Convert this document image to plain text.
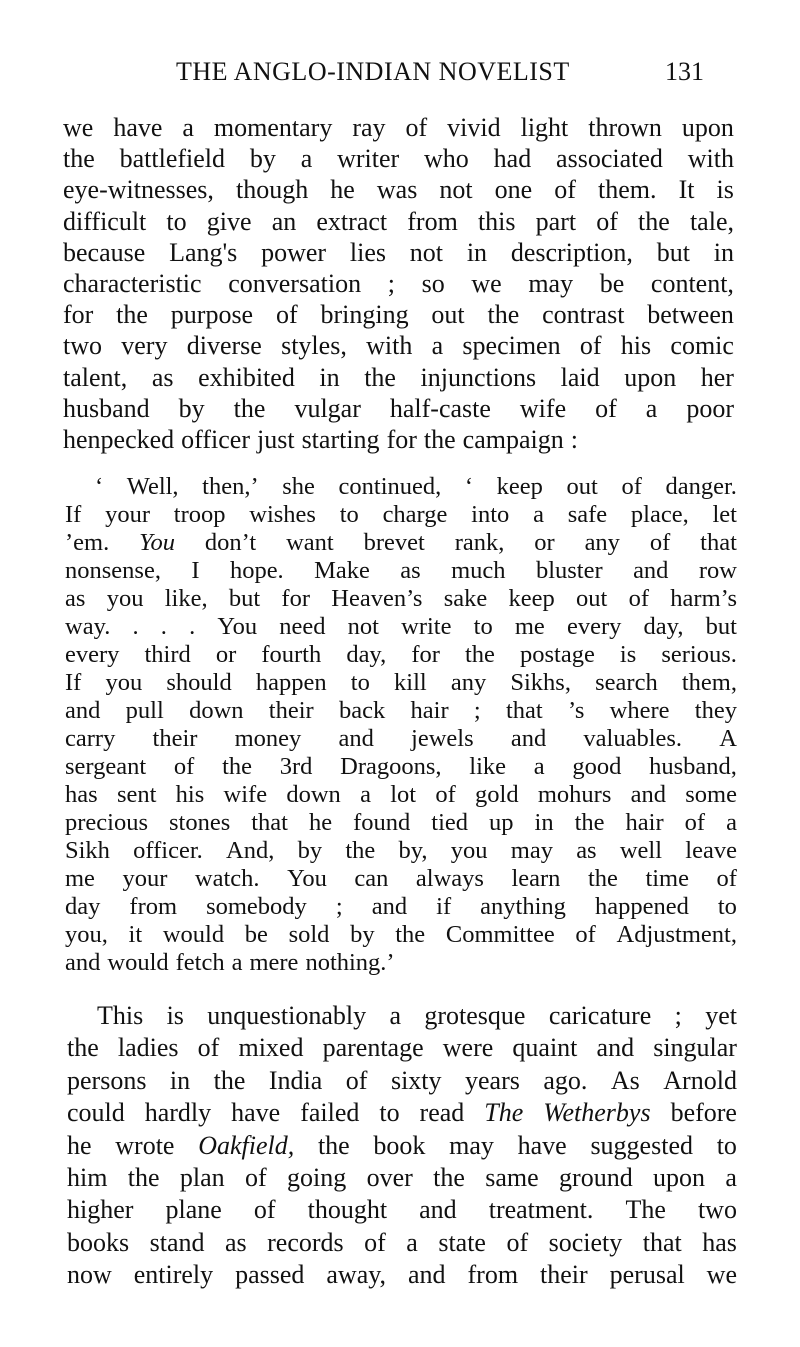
THE ANGLO-INDIAN NOVELIST	131
we have a momentary ray of vivid light thrown upon
the battlefield by a writer who had associated with
eye-witnesses, though he was not one of them. It is
difficult to give an extract from this part of the tale,
because Lang's power lies not in description, but in
characteristic conversation ; so we may be content,
for the purpose of bringing out the contrast between
two very diverse styles, with a specimen of his comic
talent, as exhibited in the injunctions laid upon her
husband by the vulgar half-caste wife of a poor
henpecked officer just starting for the campaign :
‘ Well, then,’ she continued, ‘ keep out of danger.
If your troop wishes to charge into a safe place, let
’em. You don’t want brevet rank, or any of that
nonsense, I hope. Make as much bluster and row
as you like, but for Heaven’s sake keep out of harm’s
way. . . . You need not write to me every day, but
every third or fourth day, for the postage is serious.
If you should happen to kill any Sikhs, search them,
and pull down their back hair ; that ’s where they
carry their money and jewels and valuables. A
sergeant of the 3rd Dragoons, like a good husband,
has sent his wife down a lot of gold mohurs and some
precious stones that he found tied up in the hair of a
Sikh officer. And, by the by, you may as well leave
me your watch. You can always learn the time of
day from somebody ; and if anything happened to
you, it would be sold by the Committee of Adjustment,
and would fetch a mere nothing.’
This is unquestionably a grotesque caricature ; yet
the ladies of mixed parentage were quaint and singular
persons in the India of sixty years ago. As Arnold
could hardly have failed to read The Wetherbys before
he wrote Oakfield, the book may have suggested to
him the plan of going over the same ground upon a
higher plane of thought and treatment. The two
books stand as records of a state of society that has
now entirely passed away, and from their perusal we
